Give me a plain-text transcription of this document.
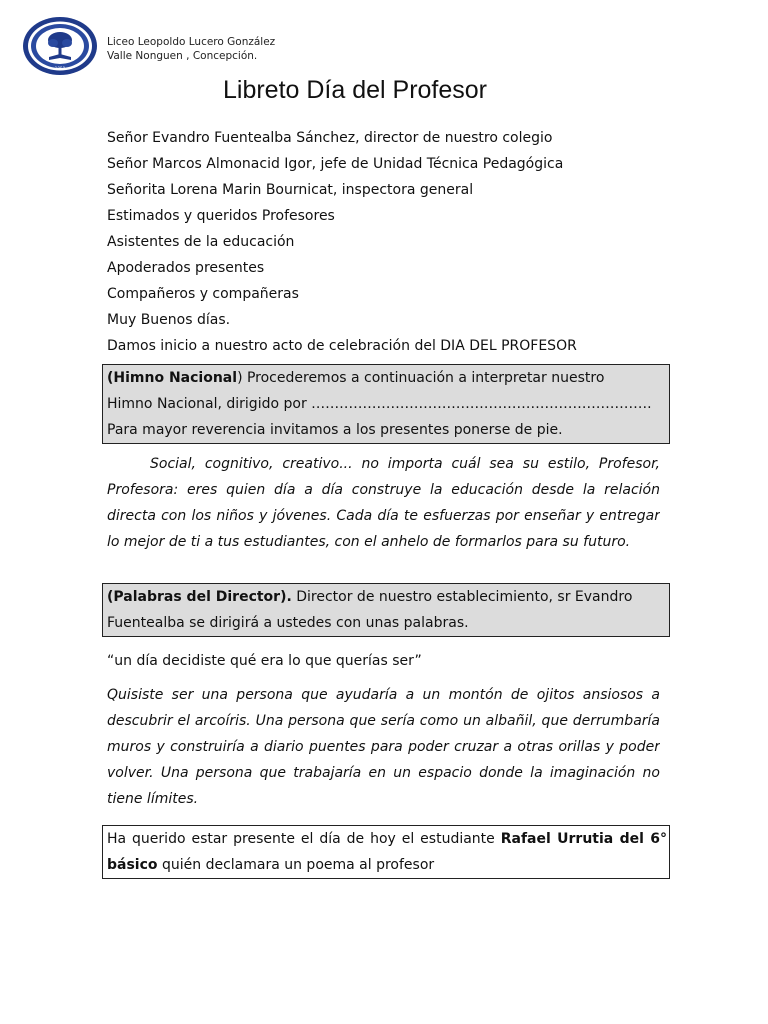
1958
Liceo Leopoldo Lucero González
Valle Nonguen , Concepción.
Libreto Día del Profesor
Señor Evandro Fuentealba Sánchez, director de nuestro colegio
Señor Marcos Almonacid Igor, jefe de Unidad Técnica Pedagógica
Señorita Lorena Marin Bournicat, inspectora general
Estimados y queridos Profesores
Asistentes de la educación
Apoderados presentes
Compañeros y compañeras
Muy Buenos días.
Damos inicio a nuestro acto de celebración del DIA DEL PROFESOR
(Himno Nacional) Procederemos a continuación a interpretar nuestro
Himno Nacional, dirigido por ……………………………………………………………….
Para mayor reverencia invitamos a los presentes ponerse de pie.
Social, cognitivo, creativo... no importa cuál sea su estilo, Profesor,
Profesora: eres quien día a día construye la educación desde la relación
directa con los niños y jóvenes. Cada día te esfuerzas por enseñar y entregar
lo mejor de ti a tus estudiantes, con el anhelo de formarlos para su futuro.
(Palabras del Director). Director de nuestro establecimiento, sr Evandro
Fuentealba se dirigirá a ustedes con unas palabras.
“un día decidiste qué era lo que querías ser”
Quisiste ser una persona que ayudaría a un montón de ojitos ansiosos a
descubrir el arcoíris. Una persona que sería como un albañil, que derrumbaría
muros y construiría a diario puentes para poder cruzar a otras orillas y poder
volver. Una persona que trabajaría en un espacio donde la imaginación no
tiene límites.
Ha querido estar presente el día de hoy el estudiante Rafael Urrutia del 6°
básico quién declamara un poema al profesor
